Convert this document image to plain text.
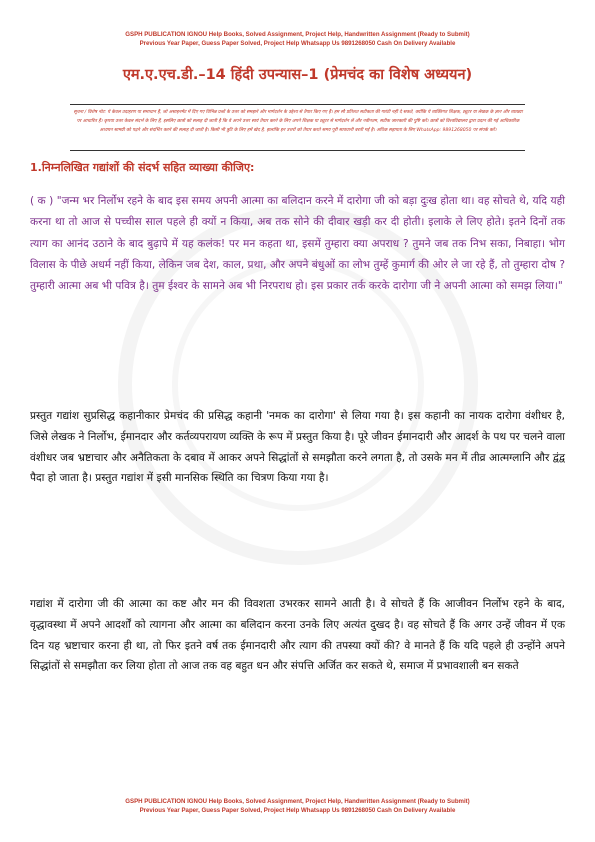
GSPH PUBLICATION IGNOU Help Books, Solved Assignment, Project Help, Handwritten Assignment (Ready to Submit)
Previous Year Paper, Guess Paper Solved, Project Help Whatsapp Us 9891268050 Cash On Delivery Available
एम.ए.एच.डी.–14 हिंदी उपन्यास–1 (प्रेमचंद का विशेष अध्ययन)
सूचना / विशेष नोट: ये केवल उदाहरण या समाधान हैं, जो असाइनमेंट में दिए गए विभिन्न प्रश्नों के उत्तर को समझने और मार्गदर्शन के उद्देश्य से तैयार किए गए हैं। हम सौ प्रतिशत सटीकता की गारंटी नहीं दे सकते, क्योंकि ये व्यक्तिगत शिक्षक, ट्यूटर या लेखक के ज्ञान और व्याख्या पर आधारित हैं। कृपया उत्तर केवल संदर्भ के लिए हैं, इसलिए छात्रों को सलाह दी जाती है कि वे अपने उत्तर स्वयं तैयार करने के लिए अपने शिक्षक या ट्यूटर से मार्गदर्शन लें और नवीनतम, सटीक जानकारी की पुष्टि करें। छात्रों को विश्वविद्यालय द्वारा प्रदान की गई आधिकारिक अध्ययन सामग्री को पढ़ने और संदर्भित करने की सलाह दी जाती है। किसी भी त्रुटि के लिए हमें खेद है, हालांकि इन उत्तरों को तैयार करते समय पूरी सावधानी बरती गई है। अधिक सहायता के लिए WhatsApp: 9891268050 पर संपर्क करें।
1.निम्नलिखित गद्यांशों की संदर्भ सहित व्याख्या कीजिए:
( क ) "जन्म भर निर्लोभ रहने के बाद इस समय अपनी आत्मा का बलिदान करने में दारोगा जी को बड़ा दुःख होता था। वह सोचते थे, यदि यही करना था तो आज से पच्चीस साल पहले ही क्यों न किया, अब तक सोने की दीवार खड़ी कर दी होती। इलाके ले लिए होते। इतने दिनों तक त्याग का आनंद उठाने के बाद बुढ़ापे में यह कलंक! पर मन कहता था, इसमें तुम्हारा क्या अपराध ? तुमने जब तक निभ सका, निबाहा। भोग विलास के पीछे अधर्म नहीं किया, लेकिन जब देश, काल, प्रथा, और अपने बंधुओं का लोभ तुम्हें कुमार्ग की ओर ले जा रहे हैं, तो तुम्हारा दोष ? तुम्हारी आत्मा अब भी पवित्र है। तुम ईश्वर के सामने अब भी निरपराध हो। इस प्रकार तर्क करके दारोगा जी ने अपनी आत्मा को समझ लिया।"
प्रस्तुत गद्यांश सुप्रसिद्ध कहानीकार प्रेमचंद की प्रसिद्ध कहानी 'नमक का दारोगा' से लिया गया है। इस कहानी का नायक दारोगा वंशीधर है, जिसे लेखक ने निर्लोभ, ईमानदार और कर्तव्यपरायण व्यक्ति के रूप में प्रस्तुत किया है। पूरे जीवन ईमानदारी और आदर्श के पथ पर चलने वाला वंशीधर जब भ्रष्टाचार और अनैतिकता के दबाव में आकर अपने सिद्धांतों से समझौता करने लगता है, तो उसके मन में तीव्र आत्मग्लानि और द्वंद्व पैदा हो जाता है। प्रस्तुत गद्यांश में इसी मानसिक स्थिति का चित्रण किया गया है।
गद्यांश में दारोगा जी की आत्मा का कष्ट और मन की विवशता उभरकर सामने आती है। वे सोचते हैं कि आजीवन निर्लोभ रहने के बाद, वृद्धावस्था में अपने आदर्शों को त्यागना और आत्मा का बलिदान करना उनके लिए अत्यंत दुखद है। वह सोचते हैं कि अगर उन्हें जीवन में एक दिन यह भ्रष्टाचार करना ही था, तो फिर इतने वर्ष तक ईमानदारी और त्याग की तपस्या क्यों की? वे मानते हैं कि यदि पहले ही उन्होंने अपने सिद्धांतों से समझौता कर लिया होता तो आज तक वह बहुत धन और संपत्ति अर्जित कर सकते थे, समाज में प्रभावशाली बन सकते
GSPH PUBLICATION IGNOU Help Books, Solved Assignment, Project Help, Handwritten Assignment (Ready to Submit)
Previous Year Paper, Guess Paper Solved, Project Help Whatsapp Us 9891268050 Cash On Delivery Available
